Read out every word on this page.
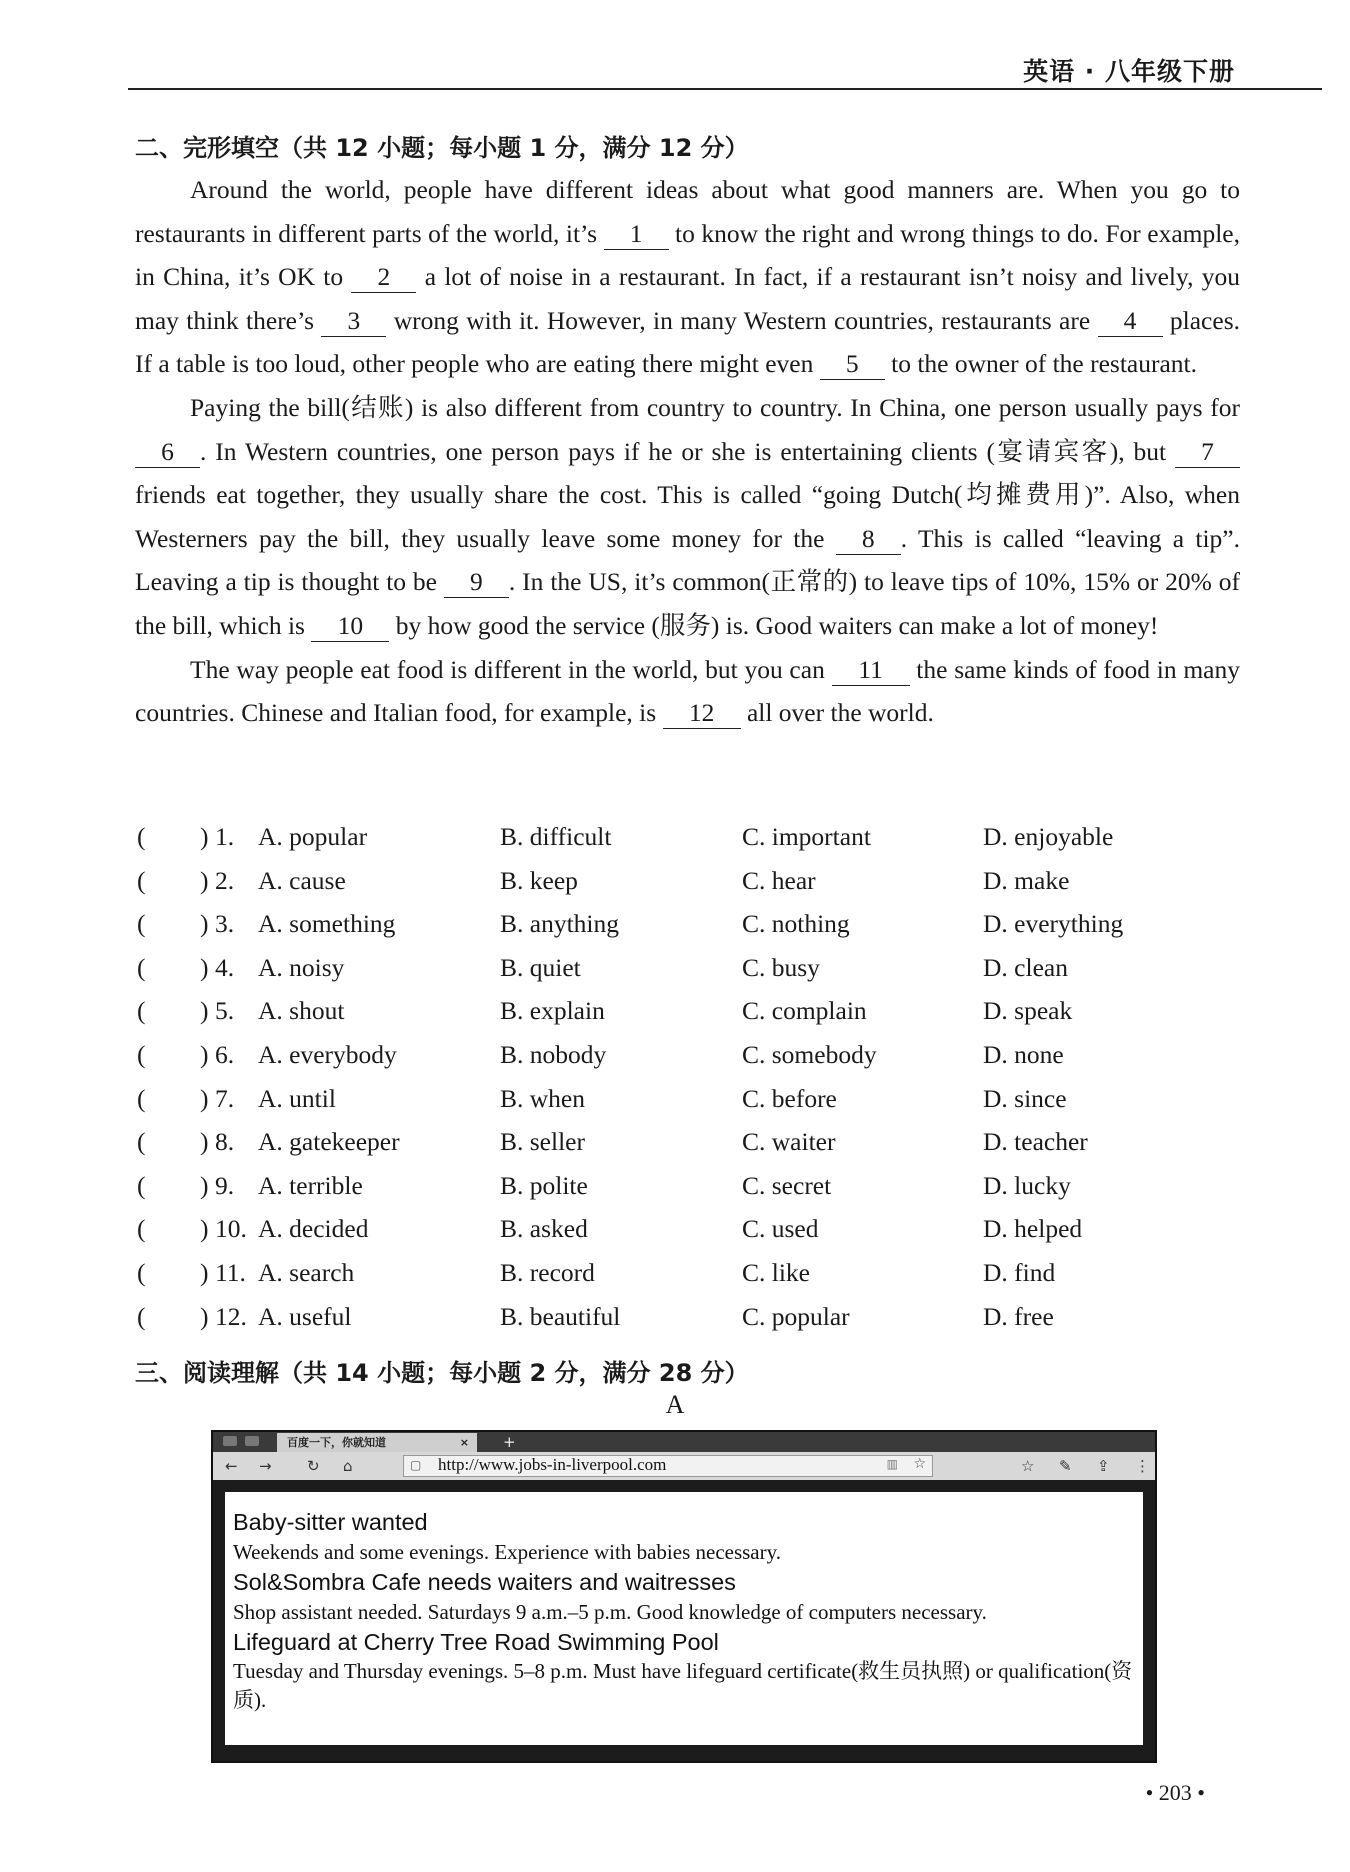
英语 · 八年级下册
二、完形填空（共 12 小题；每小题 1 分，满分 12 分）

Around the world, people have different ideas about what good manners are. When you go to restaurants in different parts of the world, it’s 1 to know the right and wrong things to do. For example, in China, it’s OK to 2 a lot of noise in a restaurant. In fact, if a restaurant isn’t noisy and lively, you may think there’s 3 wrong with it. However, in many Western countries, restaurants are 4 places. If a table is too loud, other people who are eating there might even 5 to the owner of the restaurant.

Paying the bill(结账) is also different from country to country. In China, one person usually pays for 6 . In Western countries, one person pays if he or she is entertaining clients (宴请宾客), but 7 friends eat together, they usually share the cost. This is called “going Dutch(均摊费用)”. Also, when Westerners pay the bill, they usually leave some money for the 8 . This is called “leaving a tip”. Leaving a tip is thought to be 9 . In the US, it’s common(正常的) to leave tips of 10%, 15% or 20% of the bill, which is 10 by how good the service (服务) is. Good waiters can make a lot of money!

The way people eat food is different in the world, but you can 11 the same kinds of food in many countries. Chinese and Italian food, for example, is 12 all over the world.

( ) 1. A. popular	B. difficult	C. important	D. enjoyable
( ) 2. A. cause	B. keep	C. hear	D. make
( ) 3. A. something	B. anything	C. nothing	D. everything
( ) 4. A. noisy	B. quiet	C. busy	D. clean
( ) 5. A. shout	B. explain	C. complain	D. speak
( ) 6. A. everybody	B. nobody	C. somebody	D. none
( ) 7. A. until	B. when	C. before	D. since
( ) 8. A. gatekeeper	B. seller	C. waiter	D. teacher
( ) 9. A. terrible	B. polite	C. secret	D. lucky
( ) 10. A. decided	B. asked	C. used	D. helped
( ) 11. A. search	B. record	C. like	D. find
( ) 12. A. useful	B. beautiful	C. popular	D. free
三、阅读理解（共 14 小题；每小题 2 分，满分 28 分）
A
百度一下，你就知道	× +
← → ↻ ⌂	▢ http://www.jobs-in-liverpool.com	▥ ☆	☆ ✎ ⇪ ⋮
Baby-sitter wanted
Weekends and some evenings. Experience with babies necessary.
Sol&Sombra Cafe needs waiters and waitresses
Shop assistant needed. Saturdays 9 a.m.–5 p.m. Good knowledge of computers necessary.
Lifeguard at Cherry Tree Road Swimming Pool
Tuesday and Thursday evenings. 5–8 p.m. Must have lifeguard certificate(救生员执照) or qualification(资质).
• 203 •
